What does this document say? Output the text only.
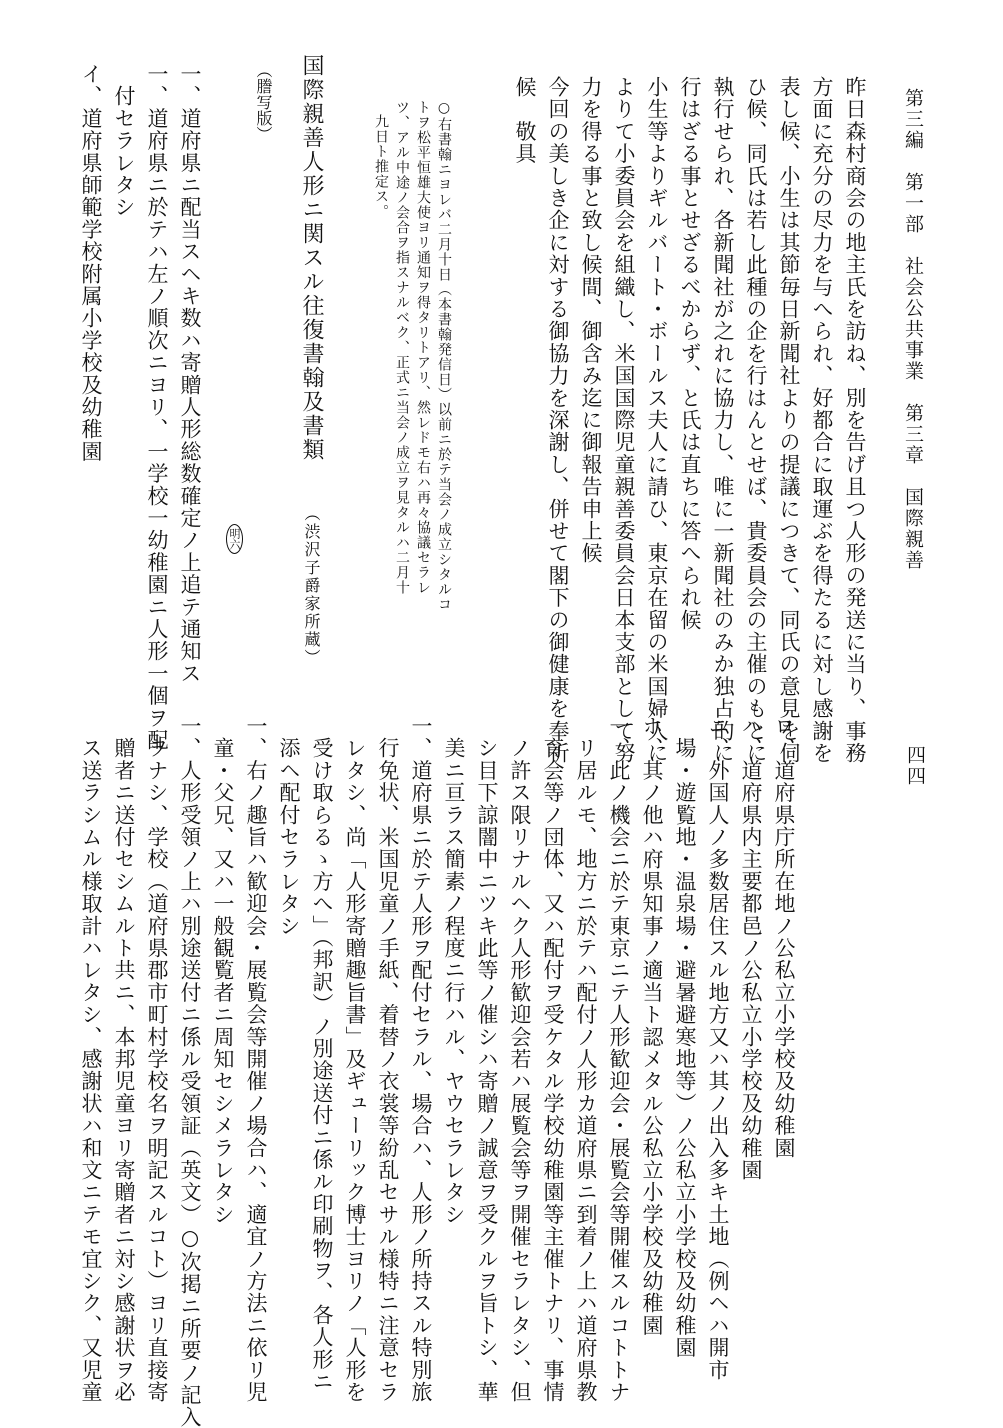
第三編　第一部　社会公共事業　第三章　国際親善
四四
昨日森村商会の地主氏を訪ね、別を告げ且つ人形の発送に当り、事務
方面に充分の尽力を与へられ、好都合に取運ぶを得たるに対し感謝を
表し候、小生は其節毎日新聞社よりの提議につきて、同氏の意見を伺
ひ候、同氏は若し此種の企を行はんとせば、貴委員会の主催のもとに
執行せられ、各新聞社が之れに協力し、唯に一新聞社のみか独占的に
行はざる事とせざるべからず、と氏は直ちに答へられ候
小生等よりギルバート・ボールス夫人に請ひ、東京在留の米国婦人に
よりて小委員会を組織し、米国国際児童親善委員会日本支部として努
力を得る事と致し候間、御含み迄に御報告申上候
今回の美しき企に対する御協力を深謝し、併せて閣下の御健康を奉祈
候　敬具
○右書翰ニヨレバ二月十日（本書翰発信日）以前ニ於テ当会ノ成立シタルコ
トヲ松平恒雄大使ヨリ通知ヲ得タリトアリ、然レドモ右ハ再々協議セラレ
ツ、アル中途ノ会合ヲ指スナルベク、正式ニ当会ノ成立ヲ見タルハ二月十
九日ト推定ス。
国際親善人形ニ関スル往復書翰及書類 （渋沢子爵家所蔵）
明六
（謄写版）
一、道府県ニ配当スヘキ数ハ寄贈人形総数確定ノ上追テ通知ス
一、道府県ニ於テハ左ノ順次ニヨリ、一学校一幼稚園ニ人形一個ヲ配
　付セラレタシ
イ、道府県師範学校附属小学校及幼稚園
ロ、道府県庁所在地ノ公私立小学校及幼稚園
ハ、道府県内主要都邑ノ公私立小学校及幼稚園
ニ、外国人ノ多数居住スル地方又ハ其ノ出入多キ土地（例ヘハ開市
　場・遊覧地・温泉場・避暑避寒地等）ノ公私立小学校及幼稚園
ホ、其ノ他ハ府県知事ノ適当ト認メタル公私立小学校及幼稚園
一、此ノ機会ニ於テ東京ニテ人形歓迎会・展覧会等開催スルコトトナ
　リ居ルモ、地方ニ於テハ配付ノ人形カ道府県ニ到着ノ上ハ道府県教
　育会等ノ団体、又ハ配付ヲ受ケタル学校幼稚園等主催トナリ、事情
　ノ許ス限リナルヘク人形歓迎会若ハ展覧会等ヲ開催セラレタシ、但
　シ目下諒闇中ニツキ此等ノ催シハ寄贈ノ誠意ヲ受クルヲ旨トシ、華
　美ニ亘ラス簡素ノ程度ニ行ハル、ヤウセラレタシ
一、道府県ニ於テ人形ヲ配付セラル、場合ハ、人形ノ所持スル特別旅
　行免状、米国児童ノ手紙、着替ノ衣裳等紛乱セサル様特ニ注意セラ
　レタシ、尚「人形寄贈趣旨書」及ギューリック博士ヨリノ「人形を
　受け取らるゝ方へ」（邦訳）ノ別途送付ニ係ル印刷物ヲ、各人形ニ
　添ヘ配付セラレタシ
一、右ノ趣旨ハ歓迎会・展覧会等開催ノ場合ハ、適宜ノ方法ニ依リ児
　童・父兄、又ハ一般観覧者ニ周知セシメラレタシ
一、人形受領ノ上ハ別途送付ニ係ル受領証（英文）○次掲ニ所要ノ記入
　ヲナシ、学校（道府県郡市町村学校名ヲ明記スルコト）ヨリ直接寄
　贈者ニ送付セシムルト共ニ、本邦児童ヨリ寄贈者ニ対シ感謝状ヲ必
　ス送ラシムル様取計ハレタシ、感謝状ハ和文ニテモ宜シク、又児童
